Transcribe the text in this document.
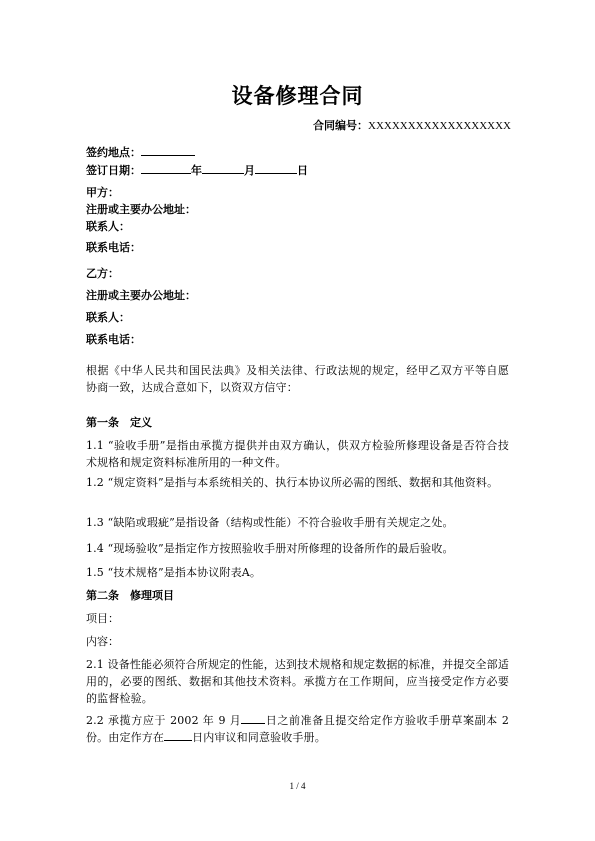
设备修理合同
合同编号：XXXXXXXXXXXXXXXXXX
签约地点：
签订日期：	年	月	日
甲方：
注册或主要办公地址：
联系人：
联系电话：
乙方：
注册或主要办公地址：
联系人：
联系电话：

根据《中华人民共和国民法典》及相关法律、行政法规的规定，经甲乙双方平等自愿协商一致，达成合意如下，以资双方信守：

第一条　定义

1.1 “验收手册”是指由承揽方提供并由双方确认，供双方检验所修理设备是否符合技术规格和规定资料标准所用的一种文件。

1.2 “规定资料”是指与本系统相关的、执行本协议所必需的图纸、数据和其他资料。

1.3 “缺陷或瑕疵”是指设备（结构或性能）不符合验收手册有关规定之处。

1.4 “现场验收”是指定作方按照验收手册对所修理的设备所作的最后验收。

1.5 “技术规格”是指本协议附表A。

第二条　修理项目
项目：
内容：

2.1 设备性能必须符合所规定的性能，达到技术规格和规定数据的标准，并提交全部适用的，必要的图纸、数据和其他技术资料。承揽方在工作期间，应当接受定作方必要的监督检验。

2.2 承揽方应于 2002 年 9 月 日之前准备且提交给定作方验收手册草案副本 2 份。由定作方在	日内审议和同意验收手册。

1 / 4
